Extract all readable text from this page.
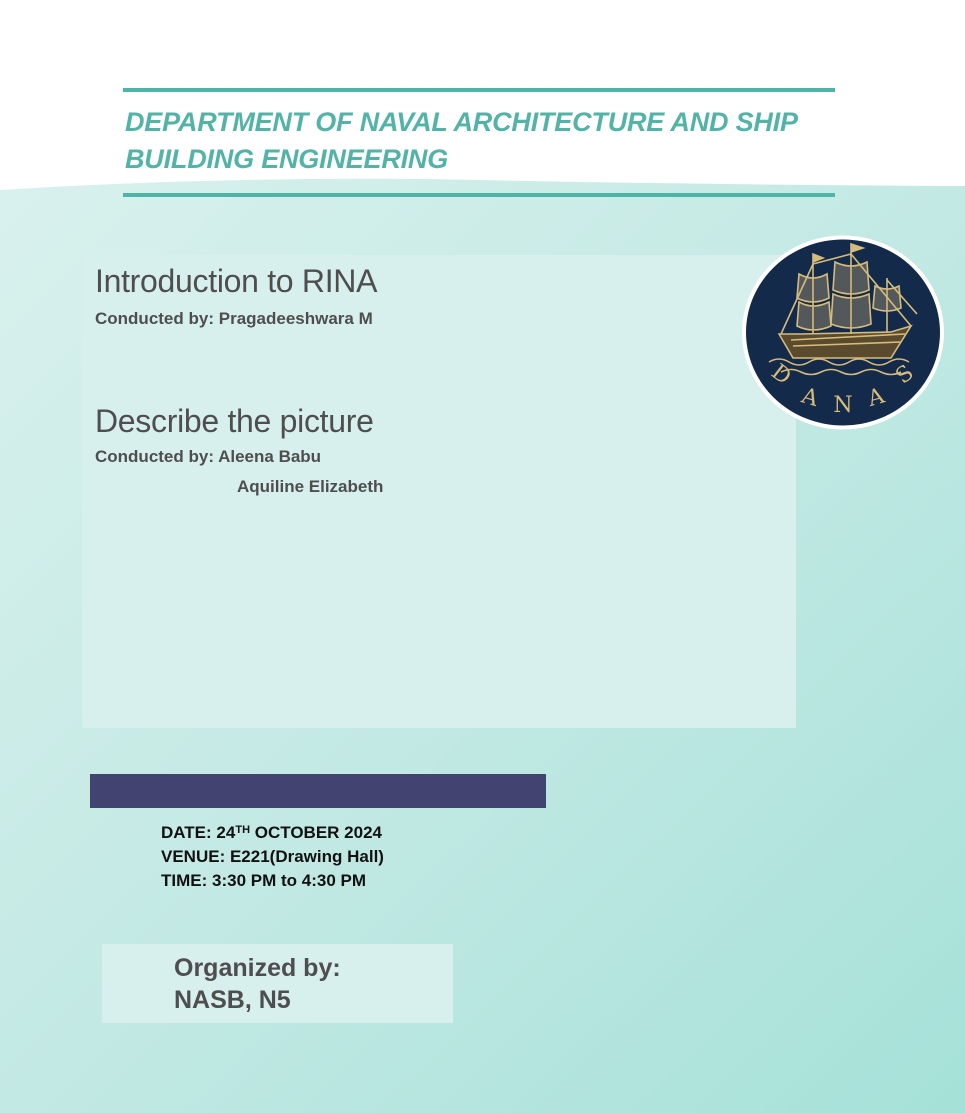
DEPARTMENT OF NAVAL ARCHITECTURE AND SHIP
BUILDING ENGINEERING
Introduction to RINA
Conducted by: Pragadeeshwara M
Describe the picture
Conducted by: Aleena Babu
Aquiline Elizabeth
D
A N A
S
DATE: 24TH OCTOBER 2024
VENUE: E221(Drawing Hall)
TIME: 3:30 PM to 4:30 PM
Organized by:
NASB, N5
